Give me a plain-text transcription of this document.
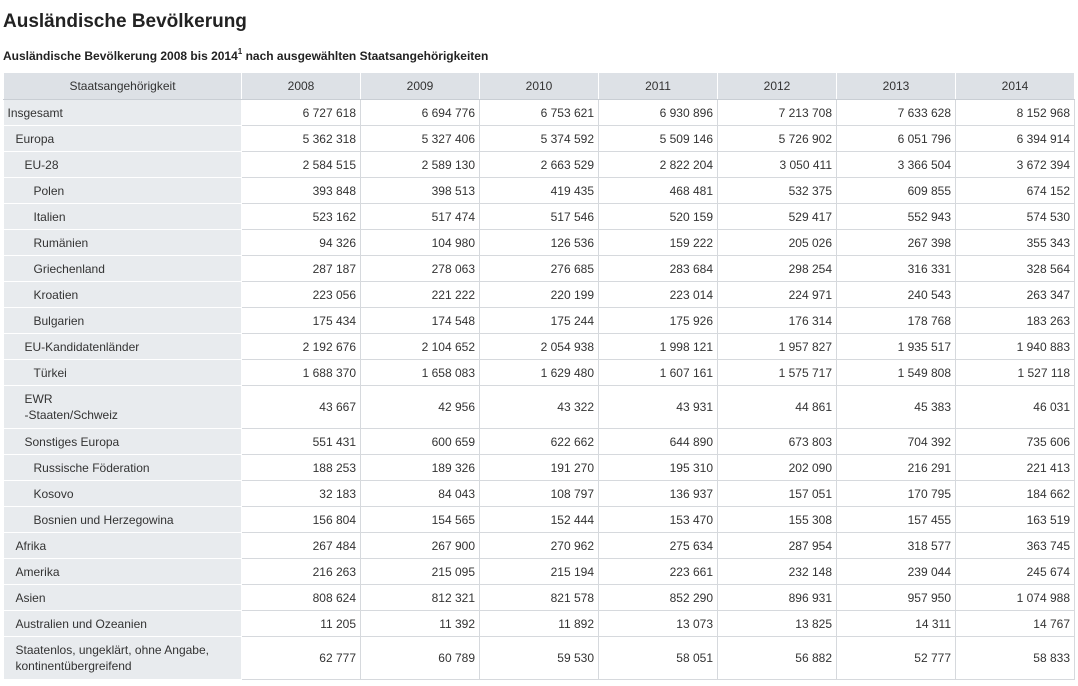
Ausländische Bevölkerung

Ausländische Bevölkerung 2008 bis 2014$^1$ nach ausgewählten Staatsangehörigkeiten

Staatsangehörigkeit	2008	2009	2010	2011	2012	2013	2014
Insgesamt	6 727 618	6 694 776	6 753 621	6 930 896	7 213 708	7 633 628	8 152 968
Europa	5 362 318	5 327 406	5 374 592	5 509 146	5 726 902	6 051 796	6 394 914
EU-28	2 584 515	2 589 130	2 663 529	2 822 204	3 050 411	3 366 504	3 672 394
Polen	393 848	398 513	419 435	468 481	532 375	609 855	674 152
Italien	523 162	517 474	517 546	520 159	529 417	552 943	574 530
Rumänien	94 326	104 980	126 536	159 222	205 026	267 398	355 343
Griechenland	287 187	278 063	276 685	283 684	298 254	316 331	328 564
Kroatien	223 056	221 222	220 199	223 014	224 971	240 543	263 347
Bulgarien	175 434	174 548	175 244	175 926	176 314	178 768	183 263
EU-Kandidatenländer	2 192 676	2 104 652	2 054 938	1 998 121	1 957 827	1 935 517	1 940 883
Türkei	1 688 370	1 658 083	1 629 480	1 607 161	1 575 717	1 549 808	1 527 118
EWR
-Staaten/Schweiz	43 667	42 956	43 322	43 931	44 861	45 383	46 031
Sonstiges Europa	551 431	600 659	622 662	644 890	673 803	704 392	735 606
Russische Föderation	188 253	189 326	191 270	195 310	202 090	216 291	221 413
Kosovo	32 183	84 043	108 797	136 937	157 051	170 795	184 662
Bosnien und Herzegowina	156 804	154 565	152 444	153 470	155 308	157 455	163 519
Afrika	267 484	267 900	270 962	275 634	287 954	318 577	363 745
Amerika	216 263	215 095	215 194	223 661	232 148	239 044	245 674
Asien	808 624	812 321	821 578	852 290	896 931	957 950	1 074 988
Australien und Ozeanien	11 205	11 392	11 892	13 073	13 825	14 311	14 767
Staatenlos, ungeklärt, ohne Angabe, kontinentübergreifend	62 777	60 789	59 530	58 051	56 882	52 777	58 833
